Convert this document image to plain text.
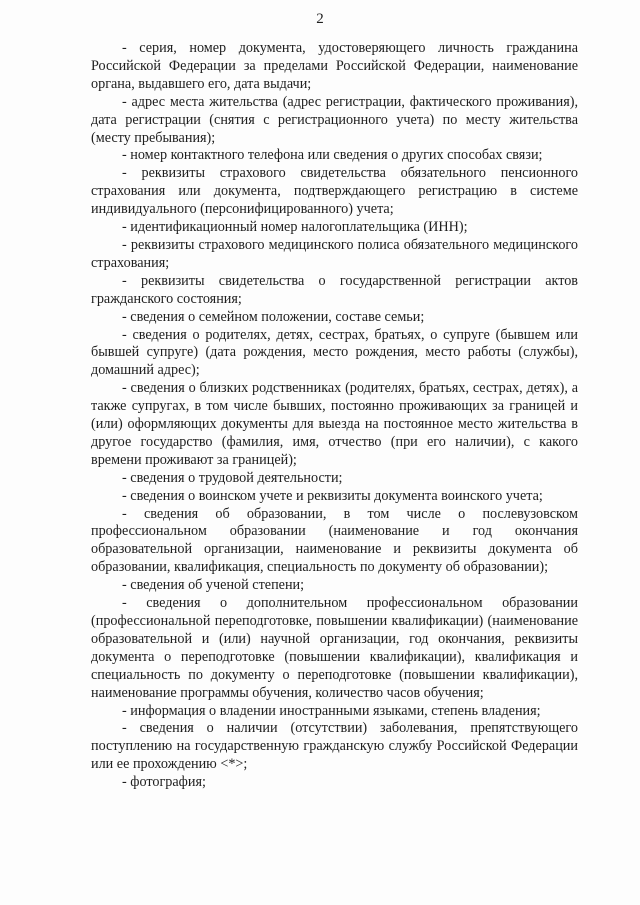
2

- серия, номер документа, удостоверяющего личность гражданина Российской Федерации за пределами Российской Федерации, наименование органа, выдавшего его, дата выдачи;

- адрес места жительства (адрес регистрации, фактического проживания), дата регистрации (снятия с регистрационного учета) по месту жительства (месту пребывания);

- номер контактного телефона или сведения о других способах связи;

- реквизиты страхового свидетельства обязательного пенсионного страхования или документа, подтверждающего регистрацию в системе индивидуального (персонифицированного) учета;

- идентификационный номер налогоплательщика (ИНН);

- реквизиты страхового медицинского полиса обязательного медицинского страхования;

- реквизиты свидетельства о государственной регистрации актов гражданского состояния;

- сведения о семейном положении, составе семьи;

- сведения о родителях, детях, сестрах, братьях, о супруге (бывшем или бывшей супруге) (дата рождения, место рождения, место работы (службы), домашний адрес);

- сведения о близких родственниках (родителях, братьях, сестрах, детях), а также супругах, в том числе бывших, постоянно проживающих за границей и (или) оформляющих документы для выезда на постоянное место жительства в другое государство (фамилия, имя, отчество (при его наличии), с какого времени проживают за границей);

- сведения о трудовой деятельности;

- сведения о воинском учете и реквизиты документа воинского учета;

- сведения об образовании, в том числе о послевузовском профессиональном образовании (наименование и год окончания образовательной организации, наименование и реквизиты документа об образовании, квалификация, специальность по документу об образовании);

- сведения об ученой степени;

- сведения о дополнительном профессиональном образовании (профессиональной переподготовке, повышении квалификации) (наименование образовательной и (или) научной организации, год окончания, реквизиты документа о переподготовке (повышении квалификации), квалификация и специальность по документу о переподготовке (повышении квалификации), наименование программы обучения, количество часов обучения;

- информация о владении иностранными языками, степень владения;

- сведения о наличии (отсутствии) заболевания, препятствующего поступлению на государственную гражданскую службу Российской Федерации или ее прохождению <*>;

- фотография;
